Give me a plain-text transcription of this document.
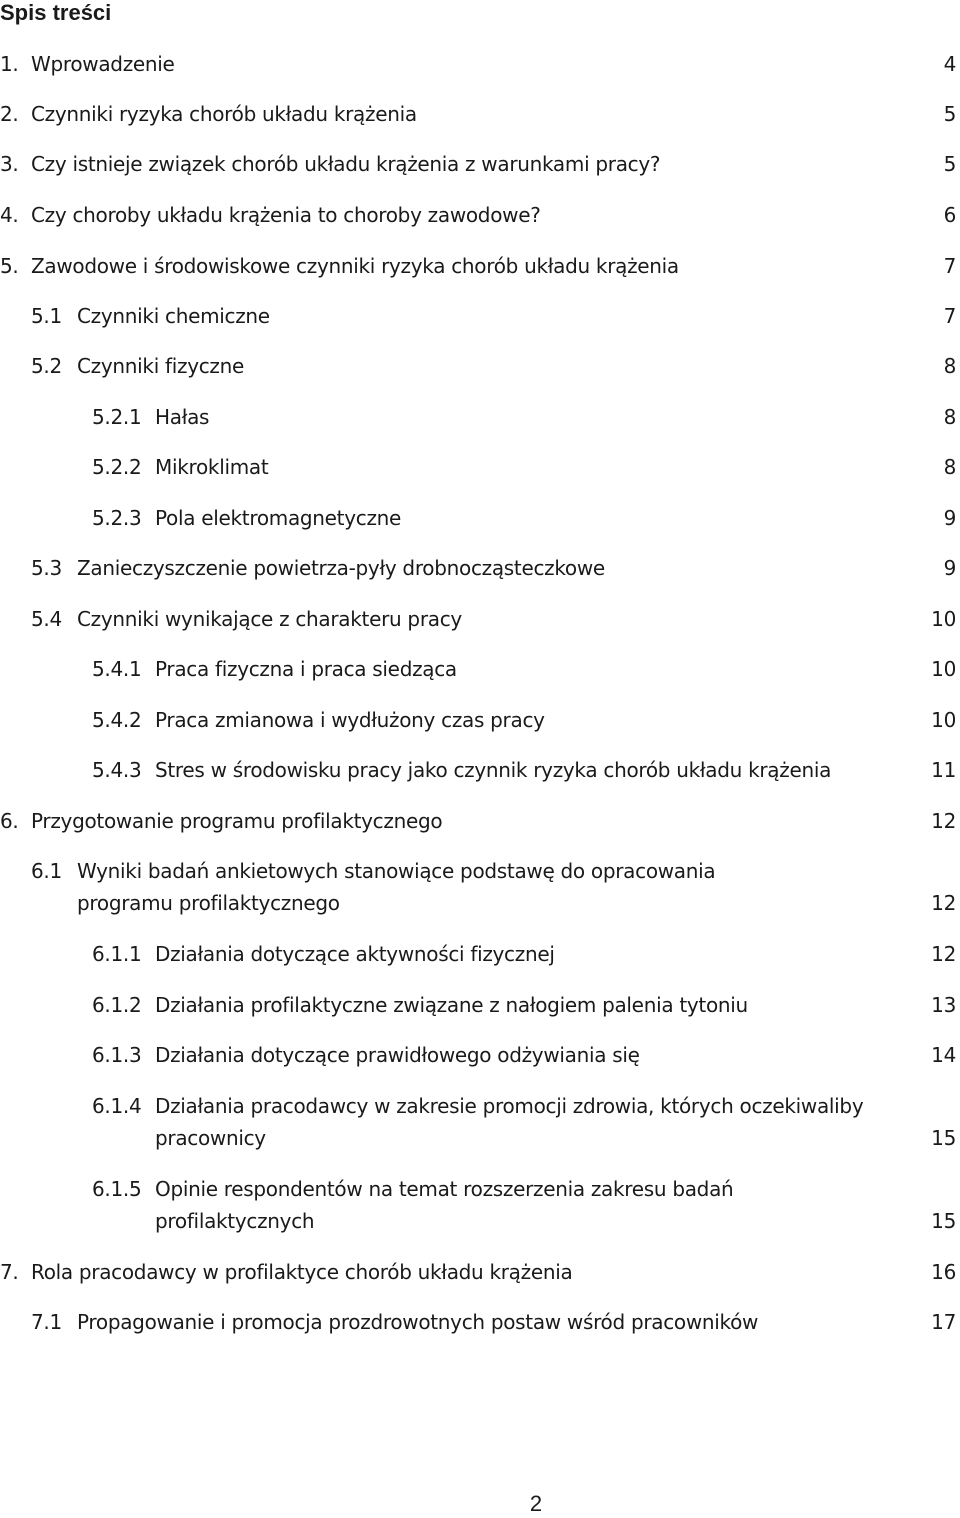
Spis treści
1. Wprowadzenie	4
2. Czynniki ryzyka chorób układu krążenia	5
3. Czy istnieje związek chorób układu krążenia z warunkami pracy?	5
4. Czy choroby układu krążenia to choroby zawodowe?	6
5. Zawodowe i środowiskowe czynniki ryzyka chorób układu krążenia	7
5.1 Czynniki chemiczne	7
5.2 Czynniki fizyczne	8
5.2.1 Hałas	8
5.2.2 Mikroklimat	8
5.2.3 Pola elektromagnetyczne	9
5.3 Zanieczyszczenie powietrza-pyły drobnocząsteczkowe	9
5.4 Czynniki wynikające z charakteru pracy	10
5.4.1 Praca fizyczna i praca siedząca	10
5.4.2 Praca zmianowa i wydłużony czas pracy	10
5.4.3 Stres w środowisku pracy jako czynnik ryzyka chorób układu krążenia	11
6. Przygotowanie programu profilaktycznego	12
6.1 Wyniki badań ankietowych stanowiące podstawę do opracowania
programu profilaktycznego	12
6.1.1 Działania dotyczące aktywności fizycznej	12
6.1.2 Działania profilaktyczne związane z nałogiem palenia tytoniu	13
6.1.3 Działania dotyczące prawidłowego odżywiania się	14
6.1.4 Działania pracodawcy w zakresie promocji zdrowia, których oczekiwaliby
pracownicy	15
6.1.5 Opinie respondentów na temat rozszerzenia zakresu badań
profilaktycznych	15
7. Rola pracodawcy w profilaktyce chorób układu krążenia	16
7.1 Propagowanie i promocja prozdrowotnych postaw wśród pracowników	17
2
